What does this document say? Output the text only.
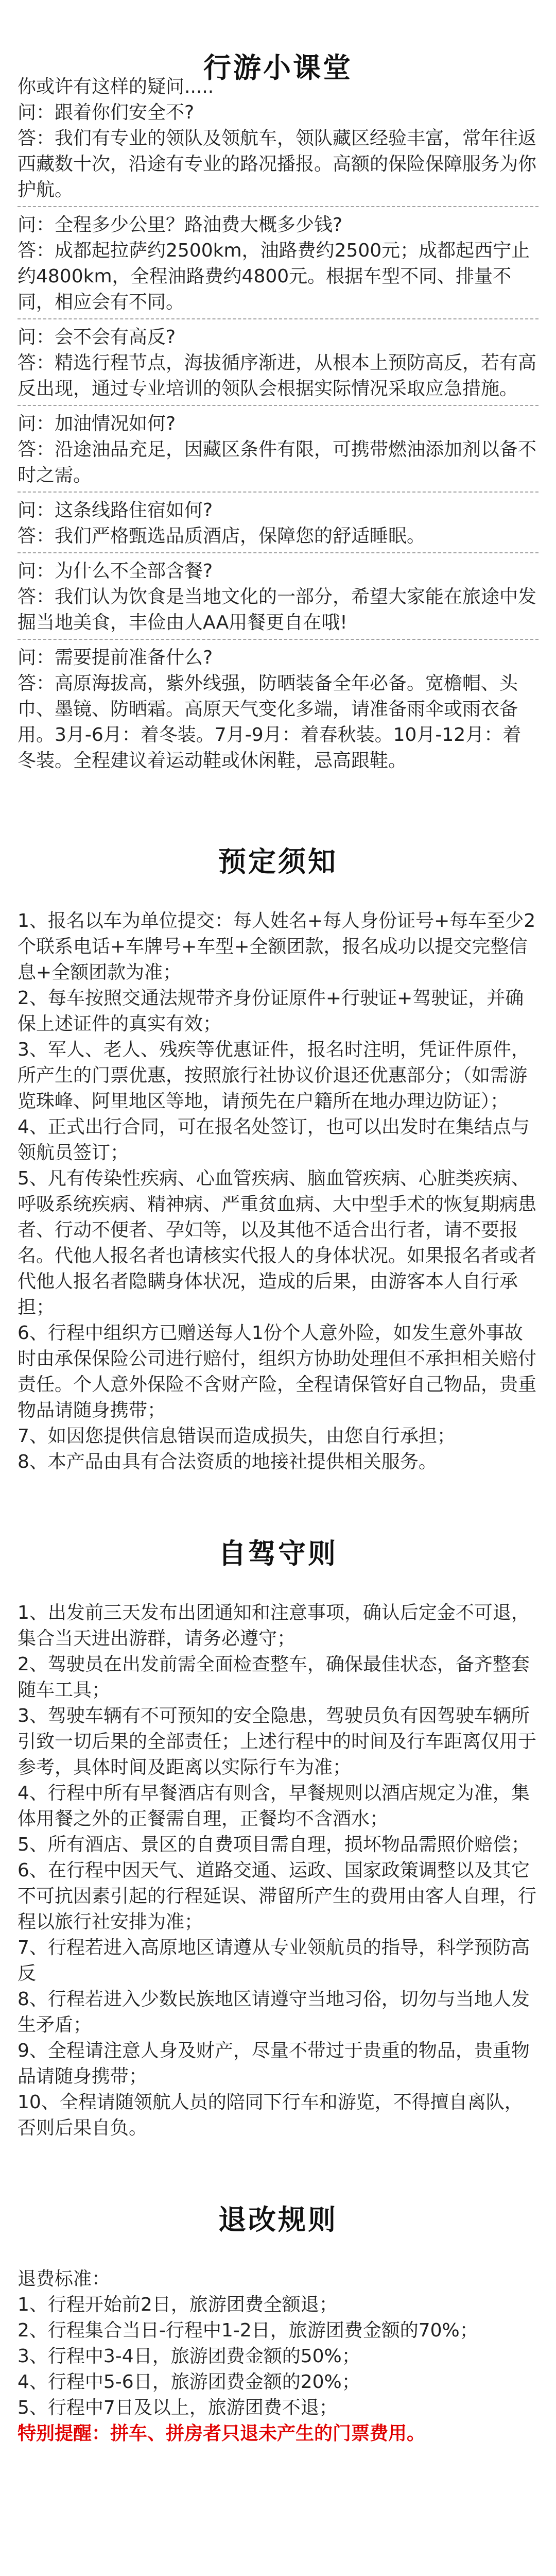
行游小课堂
你或许有这样的疑问.....
问：跟着你们安全不?
答：我们有专业的领队及领航车，领队藏区经验丰富，常年往返西藏数十次，沿途有专业的路况播报。高额的保险保障服务为你护航。
问：全程多少公里？路油费大概多少钱?
答：成都起拉萨约2500km，油路费约2500元；成都起西宁止约4800km，全程油路费约4800元。根据车型不同、排量不同，相应会有不同。
问：会不会有高反?
答：精选行程节点，海拔循序渐进，从根本上预防高反，若有高反出现，通过专业培训的领队会根据实际情况采取应急措施。
问：加油情况如何?
答：沿途油品充足，因藏区条件有限，可携带燃油添加剂以备不时之需。
问：这条线路住宿如何?
答：我们严格甄选品质酒店，保障您的舒适睡眠。
问：为什么不全部含餐?
答：我们认为饮食是当地文化的一部分，希望大家能在旅途中发掘当地美食，丰俭由人AA用餐更自在哦!
问：需要提前准备什么?
答：高原海拔高，紫外线强，防晒装备全年必备。宽檐帽、头巾、墨镜、防晒霜。高原天气变化多端，请准备雨伞或雨衣备用。3月-6月：着冬装。7月-9月：着春秋装。10月-12月：着冬装。全程建议着运动鞋或休闲鞋，忌高跟鞋。
预定须知
1、报名以车为单位提交：每人姓名+每人身份证号+每车至少2个联系电话+车牌号+车型+全额团款，报名成功以提交完整信息+全额团款为准；
2、每车按照交通法规带齐身份证原件+行驶证+驾驶证，并确保上述证件的真实有效；
3、军人、老人、残疾等优惠证件，报名时注明，凭证件原件，所产生的门票优惠，按照旅行社协议价退还优惠部分；（如需游览珠峰、阿里地区等地，请预先在户籍所在地办理边防证）；
4、正式出行合同，可在报名处签订，也可以出发时在集结点与领航员签订；
5、凡有传染性疾病、心血管疾病、脑血管疾病、心脏类疾病、呼吸系统疾病、精神病、严重贫血病、大中型手术的恢复期病患者、行动不便者、孕妇等，以及其他不适合出行者，请不要报名。代他人报名者也请核实代报人的身体状况。如果报名者或者代他人报名者隐瞒身体状况，造成的后果，由游客本人自行承担；
6、行程中组织方已赠送每人1份个人意外险，如发生意外事故时由承保保险公司进行赔付，组织方协助处理但不承担相关赔付责任。个人意外保险不含财产险，全程请保管好自己物品，贵重物品请随身携带；
7、如因您提供信息错误而造成损失，由您自行承担；
8、本产品由具有合法资质的地接社提供相关服务。
自驾守则
1、出发前三天发布出团通知和注意事项，确认后定金不可退，集合当天进出游群，请务必遵守；
2、驾驶员在出发前需全面检查整车，确保最佳状态，备齐整套随车工具；
3、驾驶车辆有不可预知的安全隐患，驾驶员负有因驾驶车辆所引致一切后果的全部责任；上述行程中的时间及行车距离仅用于参考，具体时间及距离以实际行车为准；
4、行程中所有早餐酒店有则含，早餐规则以酒店规定为准，集体用餐之外的正餐需自理，正餐均不含酒水；
5、所有酒店、景区的自费项目需自理，损坏物品需照价赔偿；
6、在行程中因天气、道路交通、运政、国家政策调整以及其它不可抗因素引起的行程延误、滞留所产生的费用由客人自理，行程以旅行社安排为准；
7、行程若进入高原地区请遵从专业领航员的指导，科学预防高反
8、行程若进入少数民族地区请遵守当地习俗，切勿与当地人发生矛盾；
9、全程请注意人身及财产，尽量不带过于贵重的物品，贵重物品请随身携带；
10、全程请随领航人员的陪同下行车和游览，不得擅自离队，否则后果自负。
退改规则
退费标准：
1、行程开始前2日，旅游团费全额退；
2、行程集合当日-行程中1-2日，旅游团费金额的70%；
3、行程中3-4日，旅游团费金额的50%；
4、行程中5-6日，旅游团费金额的20%；
5、行程中7日及以上，旅游团费不退；
特别提醒：拼车、拼房者只退未产生的门票费用。
